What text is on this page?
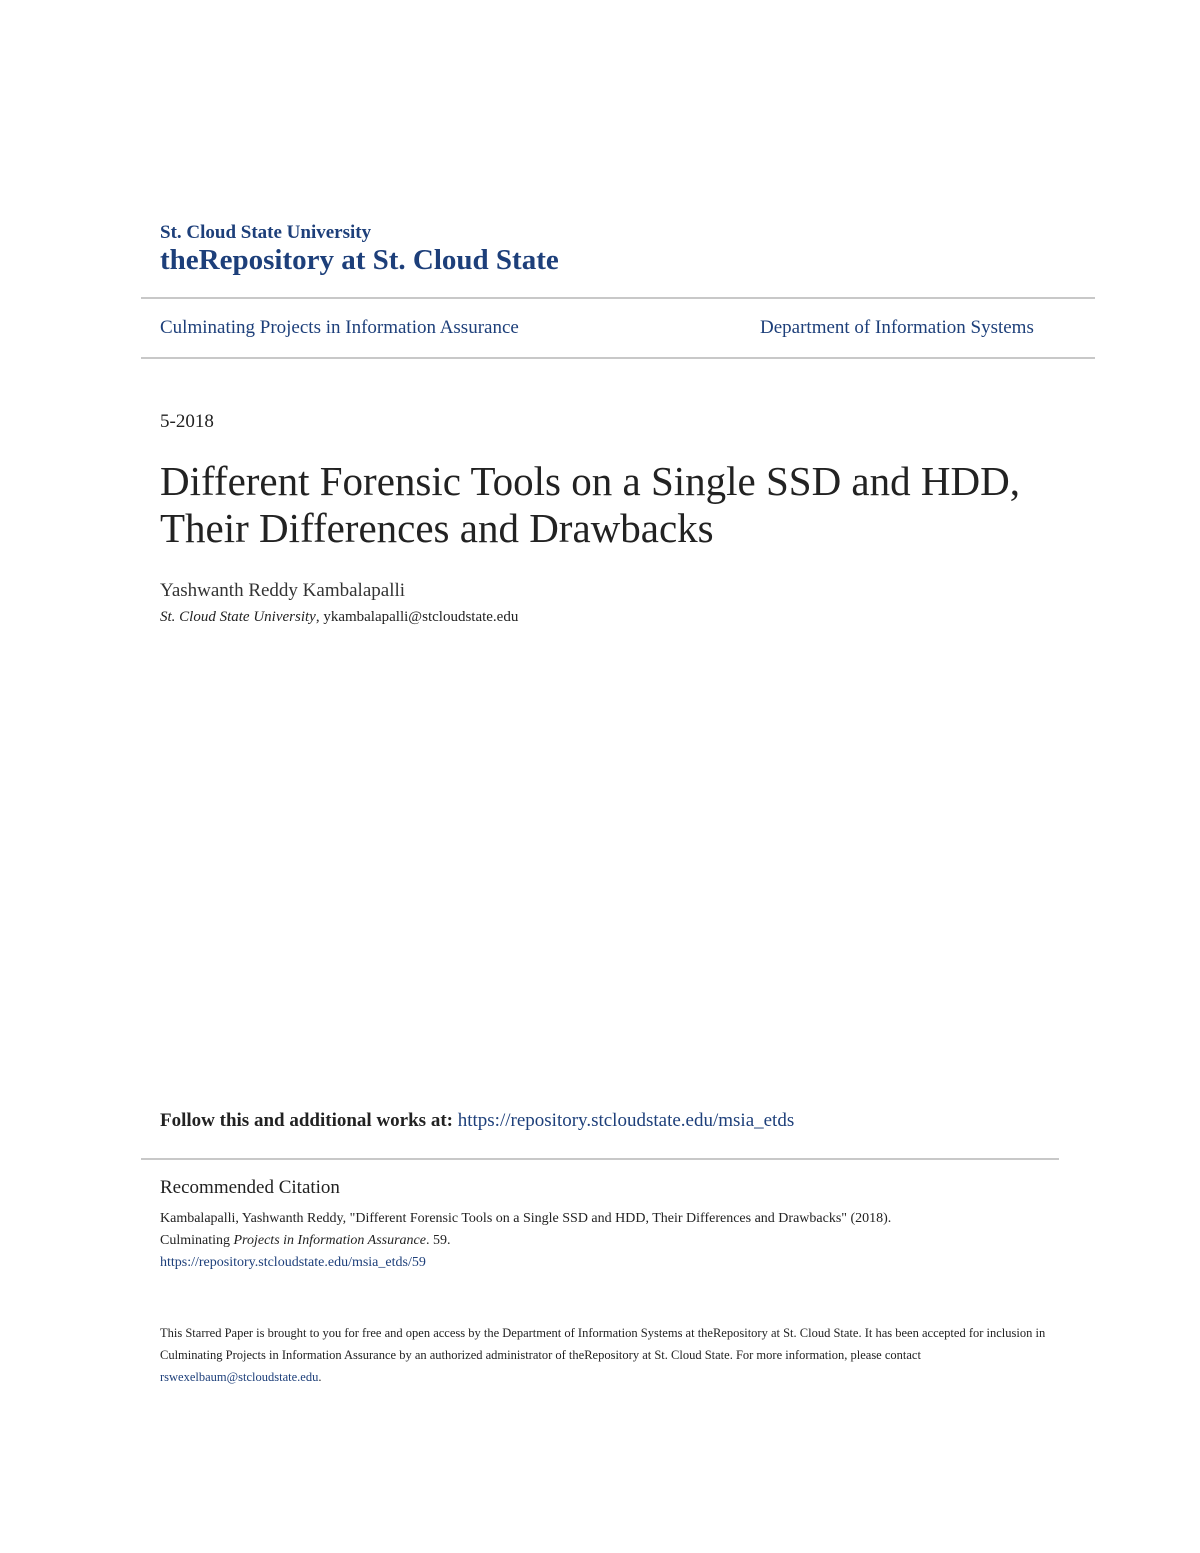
St. Cloud State University
theRepository at St. Cloud State
Culminating Projects in Information Assurance	Department of Information Systems
5-2018
Different Forensic Tools on a Single SSD and HDD, Their Differences and Drawbacks
Yashwanth Reddy Kambalapalli
St. Cloud State University, ykambalapalli@stcloudstate.edu
Follow this and additional works at: https://repository.stcloudstate.edu/msia_etds
Recommended Citation
Kambalapalli, Yashwanth Reddy, "Different Forensic Tools on a Single SSD and HDD, Their Differences and Drawbacks" (2018).
Culminating Projects in Information Assurance. 59.
https://repository.stcloudstate.edu/msia_etds/59
This Starred Paper is brought to you for free and open access by the Department of Information Systems at theRepository at St. Cloud State. It has been accepted for inclusion in Culminating Projects in Information Assurance by an authorized administrator of theRepository at St. Cloud State. For more information, please contact rswexelbaum@stcloudstate.edu.
